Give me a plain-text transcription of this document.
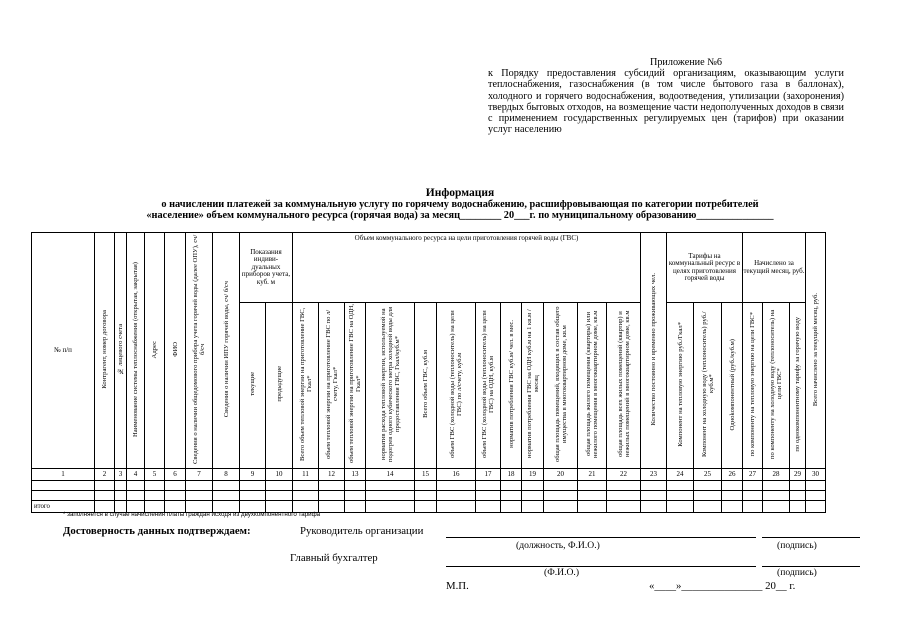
Приложение №6
к Порядку предоставления субсидий организациям, оказывающим услуги теплоснабжения, газоснабжения (в том числе бытового газа в баллонах), холодного и горячего водоснабжения, водоотведения, утилизации (захоронения) твердых бытовых отходов, на возмещение части недополученных доходов в связи с применением государственных регулируемых цен (тарифов) при оказании услуг населению
Информация
о начислении платежей за коммунальную услугу по горячему водоснабжению, расшифровывающая по категории потребителей
«население» объем коммунального ресурса (горячая вода) за месяц________ 20___г. по муниципальному образованию_______________
№ п/п	Контрагент, номер договора	№ лицевого счета	Наименование системы теплоснабжения (открытая, закрытая)	Адрес	ФИО	Сведения о наличии общедомового прибора учета горячей воды (далее ОПУ), сч/ б/сч	Сведения о наличии ИПУ горячей воды, сч/ б/сч	Показания индиви- дуальных приборов учета, куб. м		Объем коммунального ресурса на цели приготовления горячей воды (ГВС)												Количество постоянно и временно проживающих чел.	Тарифы на коммунальный ресурс в целях приготовления горячей воды			Начислено за текущий месяц, руб.			Всего начислено за текущий месяц, руб.
								текущие	предыдущие	Всего объем тепловой энергии на приготовление ГВС, Гкал*	объем тепловой энергии на приготовление ГВС по л/счету, Гкал*	объем тепловой энергии на приготовление ГВС на ОДН, Гкал*	норматив расхода тепловой энергии, используемой на подогрев одного кубического метра холодной воды для предоставления ГВС, Гкал/куб.м*	Всего объем ГВС, куб.м	объем ГВС (холодной воды (теплоноситель) на цели ГВС) по л/счету, куб.м	объем ГВС (холодной воды (теплоноситель) на цели ГВС) на ОДН, куб.м	норматив потребления ГВС куб.м/ чел. в мес.	норматив потребления ГВС на ОДН куб.м на 1 кв.м /месяц	общая площадь помещений, входящих в состав общего имущества в многоквартирном доме, кв.м	общая площадь жилого помещения (квартиры) или нежилого помещения в многоквартирном доме, кв.м	общая площадь всех жилых помещений (квартир) и нежилых помещений в многоквартирном доме, кв.м		Компонент на тепловую энергию руб./Гкал*	Компонент на холодную воду (теплоноситель) руб./куб.м*	Одноkомпонентный (руб./куб.м)	по компоненту на тепловую энергию на цели ГВС*	по компоненту на холодную воду (теплоноситель) на цели ГВС*	по однокомпонентному тарифу за горячую воду	
1	2	3	4	5	6	7	8	9	10	11	12	13	14	15	16	17	18	19	20	21	22	23	24	25	26	27	28	29	30

итого																													
* заполняется в случае начисления платы граждан исходя из двухкомпонентного тарифа
Достоверность данных подтверждаем:	Руководитель организации
(должность, Ф.И.О.)	(подпись)
Главный бухгалтер
(Ф.И.О.)	(подпись)
М.П.	«____»_______________ 20__ г.
